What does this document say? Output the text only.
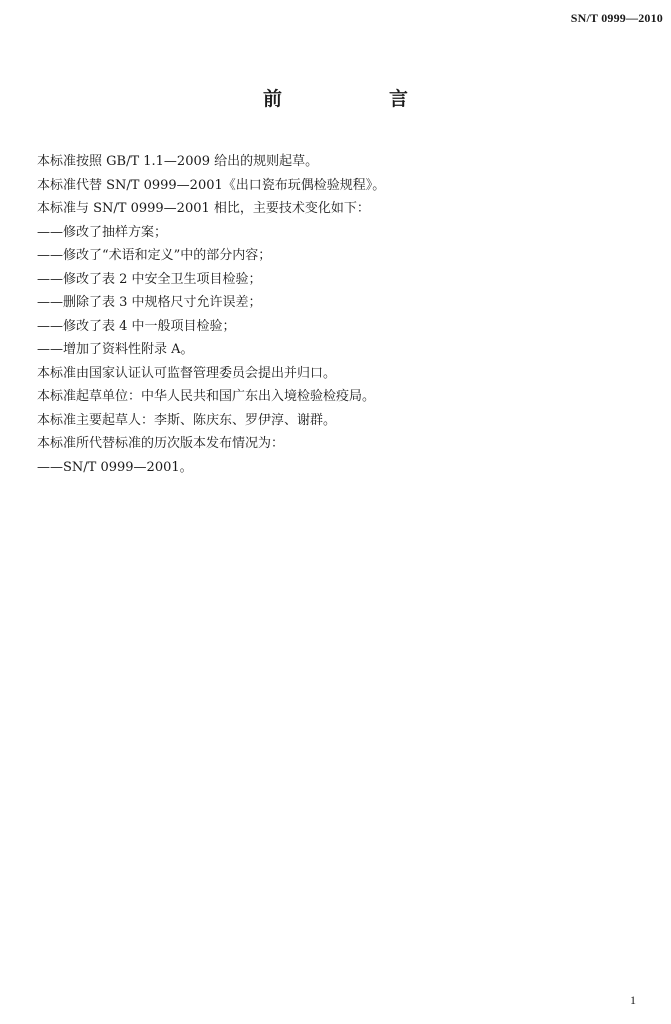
SN/T 0999—2010
前　言

本标准按照 GB/T 1.1—2009 给出的规则起草。

本标准代替 SN/T 0999—2001《出口瓷布玩偶检验规程》。

本标准与 SN/T 0999—2001 相比，主要技术变化如下：

——修改了抽样方案；

——修改了“术语和定义”中的部分内容；

——修改了表 2 中安全卫生项目检验；

——删除了表 3 中规格尺寸允许误差；

——修改了表 4 中一般项目检验；

——增加了资料性附录 A。

本标准由国家认证认可监督管理委员会提出并归口。

本标准起草单位：中华人民共和国广东出入境检验检疫局。

本标准主要起草人：李斯、陈庆东、罗伊淳、谢群。

本标准所代替标准的历次版本发布情况为：

——SN/T 0999—2001。

1
